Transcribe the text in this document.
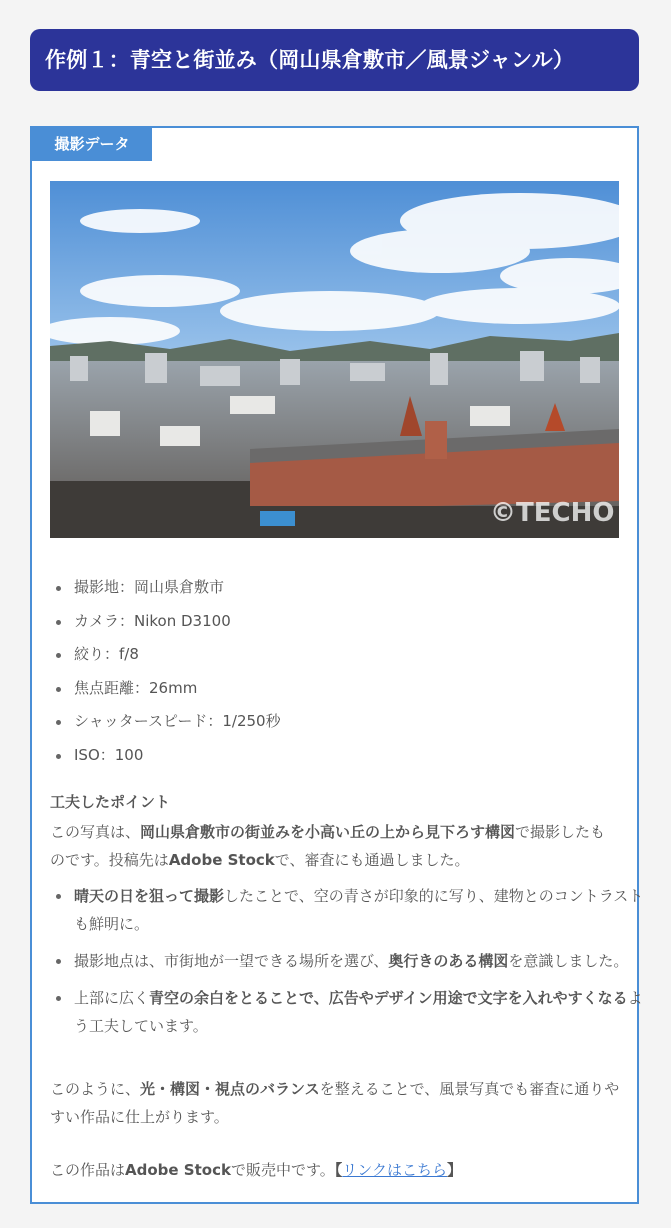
作例１：青空と街並み（岡山県倉敷市／風景ジャンル）
撮影データ
©TECHO
撮影地：岡山県倉敷市
カメラ：Nikon D3100
絞り：f/8
焦点距離：26mm
シャッタースピード：1/250秒
ISO：100

工夫したポイント

この写真は、岡山県倉敷市の街並みを小高い丘の上から見下ろす構図で撮影したものです。投稿先はAdobe Stockで、審査にも通過しました。

晴天の日を狙って撮影したことで、空の青さが印象的に写り、建物とのコントラストも鮮明に。
撮影地点は、市街地が一望できる場所を選び、奥行きのある構図を意識しました。
上部に広く青空の余白をとることで、広告やデザイン用途で文字を入れやすくなるよう工夫しています。

このように、光・構図・視点のバランスを整えることで、風景写真でも審査に通りやすい作品に仕上がります。

この作品はAdobe Stockで販売中です。【リンクはこちら】
